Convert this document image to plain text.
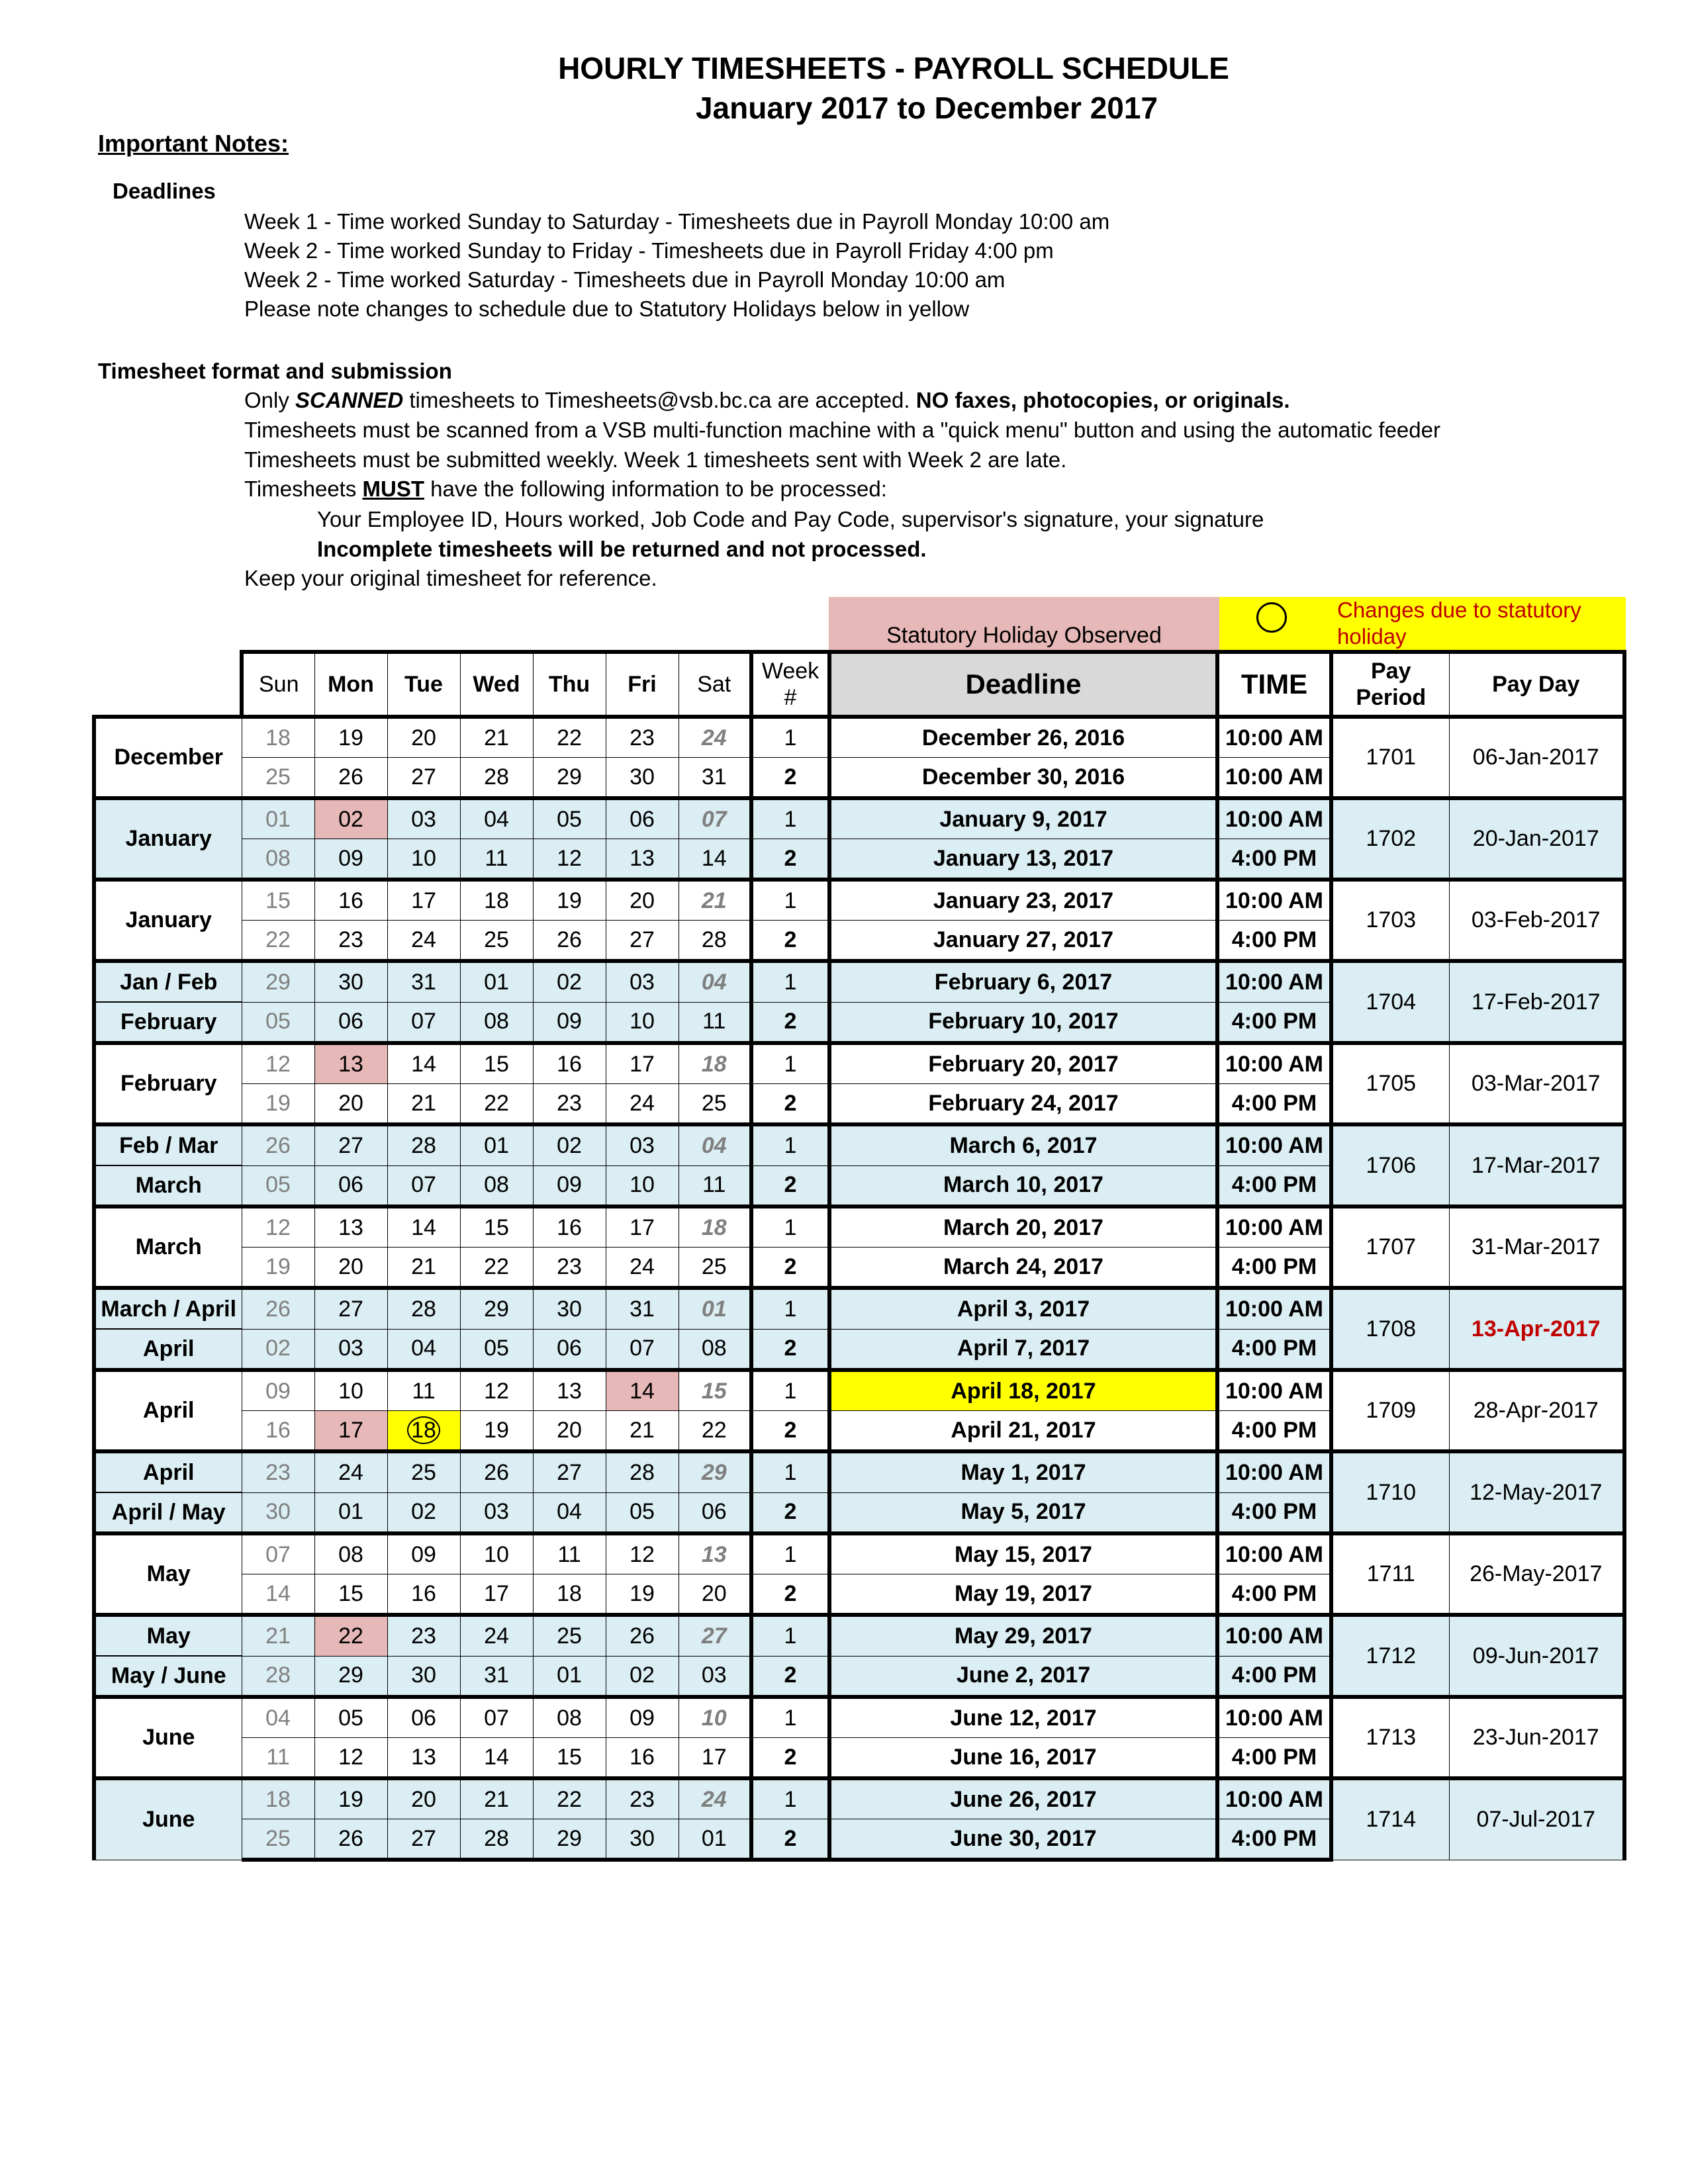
HOURLY TIMESHEETS - PAYROLL SCHEDULE
January 2017 to December 2017
Important Notes:
Deadlines
Week 1 - Time worked Sunday to Saturday - Timesheets due in Payroll Monday 10:00 am
Week 2 - Time worked Sunday to Friday - Timesheets due in Payroll Friday 4:00 pm
Week 2 - Time worked Saturday - Timesheets due in Payroll Monday 10:00 am
Please note changes to schedule due to Statutory Holidays below in yellow
Timesheet format and submission
Only SCANNED timesheets to Timesheets@vsb.bc.ca are accepted. NO faxes, photocopies, or originals.
Timesheets must be scanned from a VSB multi-function machine with a "quick menu" button and using the automatic feeder
Timesheets must be submitted weekly. Week 1 timesheets sent with Week 2 are late.
Timesheets MUST have the following information to be processed:
Your Employee ID, Hours worked, Job Code and Pay Code, supervisor's signature, your signature
Incomplete timesheets will be returned and not processed.
Keep your original timesheet for reference.
Statutory Holiday Observed
Changes due to statutory holiday
	Sun	Mon	Tue	Wed	Thu	Fri	Sat	Week #	Deadline	TIME	Pay Period	Pay Day
December	18	19	20	21	22	23	24	1	December 26, 2016	10:00 AM	1701	06-Jan-2017
	25	26	27	28	29	30	31	2	December 30, 2016	10:00 AM		
January	01	02	03	04	05	06	07	1	January 9, 2017	10:00 AM	1702	20-Jan-2017
	08	09	10	11	12	13	14	2	January 13, 2017	4:00 PM		
January	15	16	17	18	19	20	21	1	January 23, 2017	10:00 AM	1703	03-Feb-2017
	22	23	24	25	26	27	28	2	January 27, 2017	4:00 PM		
Jan / Feb	29	30	31	01	02	03	04	1	February 6, 2017	10:00 AM	1704	17-Feb-2017
February	05	06	07	08	09	10	11	2	February 10, 2017	4:00 PM		
February	12	13	14	15	16	17	18	1	February 20, 2017	10:00 AM	1705	03-Mar-2017
	19	20	21	22	23	24	25	2	February 24, 2017	4:00 PM		
Feb / Mar	26	27	28	01	02	03	04	1	March 6, 2017	10:00 AM	1706	17-Mar-2017
March	05	06	07	08	09	10	11	2	March 10, 2017	4:00 PM		
March	12	13	14	15	16	17	18	1	March 20, 2017	10:00 AM	1707	31-Mar-2017
	19	20	21	22	23	24	25	2	March 24, 2017	4:00 PM		
March / April	26	27	28	29	30	31	01	1	April 3, 2017	10:00 AM	1708	13-Apr-2017
April	02	03	04	05	06	07	08	2	April 7, 2017	4:00 PM		
April	09	10	11	12	13	14	15	1	April 18, 2017	10:00 AM	1709	28-Apr-2017
	16	17	18	19	20	21	22	2	April 21, 2017	4:00 PM		
April	23	24	25	26	27	28	29	1	May 1, 2017	10:00 AM	1710	12-May-2017
April / May	30	01	02	03	04	05	06	2	May 5, 2017	4:00 PM		
May	07	08	09	10	11	12	13	1	May 15, 2017	10:00 AM	1711	26-May-2017
	14	15	16	17	18	19	20	2	May 19, 2017	4:00 PM		
May	21	22	23	24	25	26	27	1	May 29, 2017	10:00 AM	1712	09-Jun-2017
May / June	28	29	30	31	01	02	03	2	June 2, 2017	4:00 PM		
June	04	05	06	07	08	09	10	1	June 12, 2017	10:00 AM	1713	23-Jun-2017
	11	12	13	14	15	16	17	2	June 16, 2017	4:00 PM		
June	18	19	20	21	22	23	24	1	June 26, 2017	10:00 AM	1714	07-Jul-2017
	25	26	27	28	29	30	01	2	June 30, 2017	4:00 PM		
